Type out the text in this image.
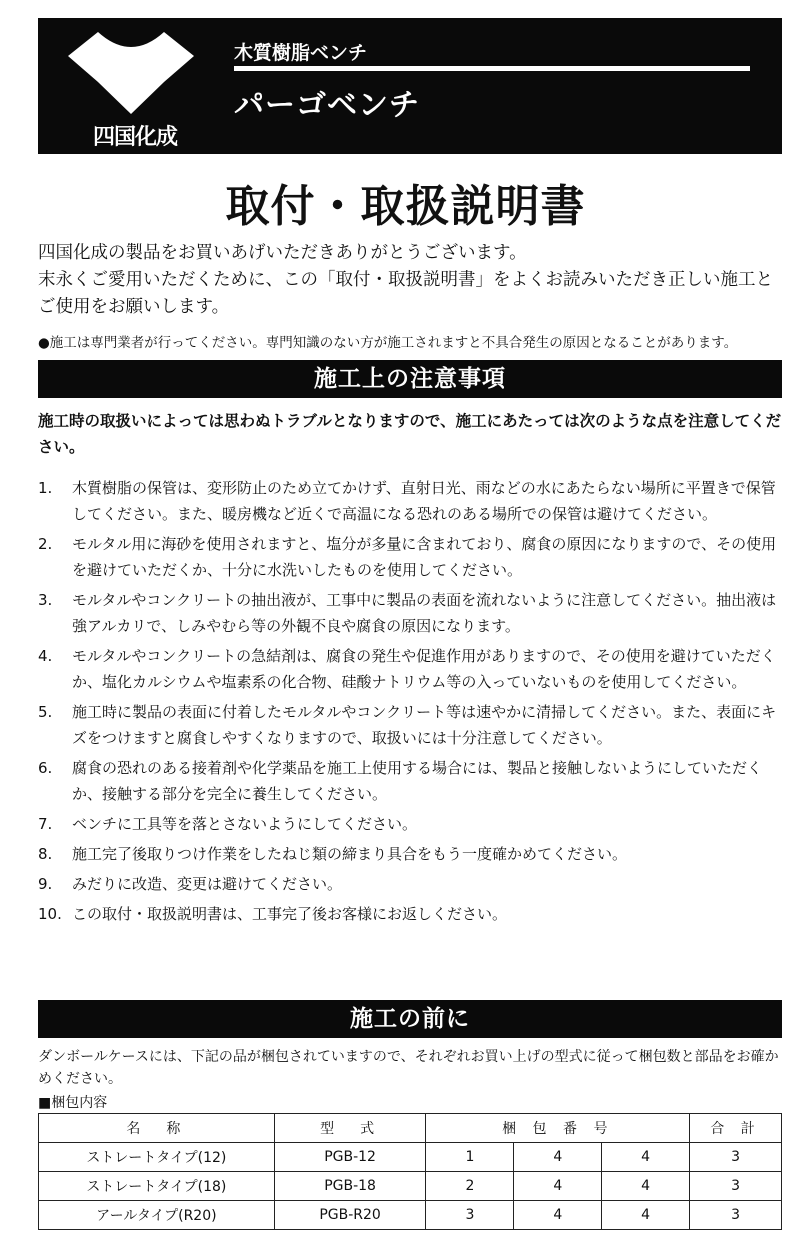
四国化成
木質樹脂ベンチ
パーゴベンチ
取付・取扱説明書

四国化成の製品をお買いあげいただきありがとうございます。

末永くご愛用いただくために、この「取付・取扱説明書」をよくお読みいただき正しい施工とご使用をお願いします。

●施工は専門業者が行ってください。専門知識のない方が施工されますと不具合発生の原因となることがあります。
施工上の注意事項
施工時の取扱いによっては思わぬトラブルとなりますので、施工にあたっては次のような点を注意してください。
1.	木質樹脂の保管は、変形防止のため立てかけず、直射日光、雨などの水にあたらない場所に平置きで保管してください。また、暖房機など近くで高温になる恐れのある場所での保管は避けてください。
2.	モルタル用に海砂を使用されますと、塩分が多量に含まれており、腐食の原因になりますので、その使用を避けていただくか、十分に水洗いしたものを使用してください。
3.	モルタルやコンクリートの抽出液が、工事中に製品の表面を流れないように注意してください。抽出液は 強アルカリで、しみやむら等の外観不良や腐食の原因になります。
4.	モルタルやコンクリートの急結剤は、腐食の発生や促進作用がありますので、その使用を避けていただくか、塩化カルシウムや塩素系の化合物、硅酸ナトリウム等の入っていないものを使用してください。
5.	施工時に製品の表面に付着したモルタルやコンクリート等は速やかに清掃してください。また、表面にキズをつけますと腐食しやすくなりますので、取扱いには十分注意してください。
6.	腐食の恐れのある接着剤や化学薬品を施工上使用する場合には、製品と接触しないようにしていただくか、接触する部分を完全に養生してください。
7.	ベンチに工具等を落とさないようにしてください。
8.	施工完了後取りつけ作業をしたねじ類の締まり具合をもう一度確かめてください。
9.	みだりに改造、変更は避けてください。
10. この取付・取扱説明書は、工事完了後お客様にお返しください。
施工の前に
ダンボールケースには、下記の品が梱包されていますので、それぞれお買い上げの型式に従って梱包数と部品をお確かめください。
■梱包内容
名　称	型　式	梱 包 番 号			合 計
ストレートタイプ(12)	PGB-12	1	4	4	3
ストレートタイプ(18)	PGB-18	2	4	4	3
アールタイプ(R20)	PGB-R20	3	4	4	3
